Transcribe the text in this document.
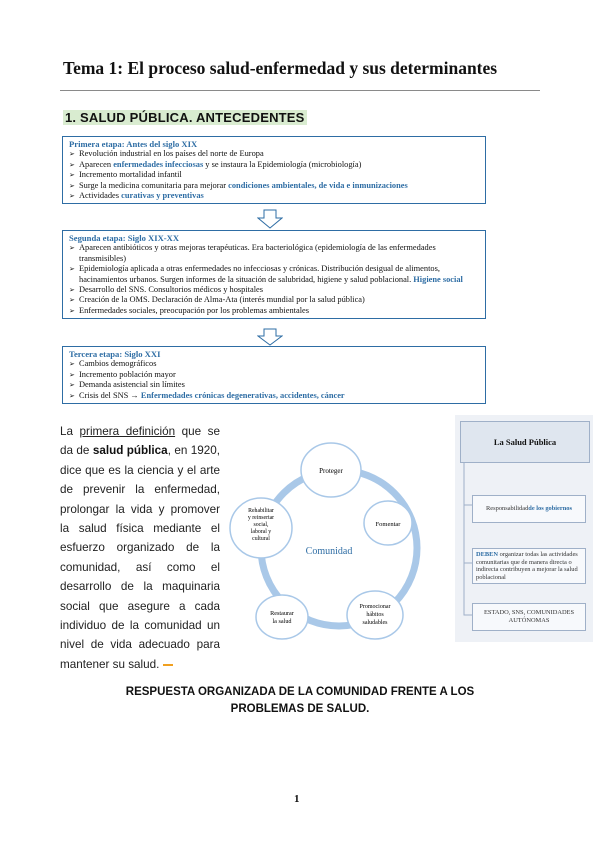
Tema 1: El proceso salud-enfermedad y sus determinantes
1. SALUD PÚBLICA. ANTECEDENTES
Primera etapa: Antes del siglo XIX
➢ Revolución industrial en los países del norte de Europa
➢ Aparecen enfermedades infecciosas y se instaura la Epidemiología (microbiología)
➢ Incremento mortalidad infantil
➢ Surge la medicina comunitaria para mejorar condiciones ambientales, de vida e inmunizaciones
➢ Actividades curativas y preventivas
Segunda etapa: Siglo XIX-XX
➢ Aparecen antibióticos y otras mejoras terapéuticas. Era bacteriológica (epidemiología de las enfermedades transmisibles)
➢ Epidemiología aplicada a otras enfermedades no infecciosas y crónicas. Distribución desigual de alimentos, hacinamientos urbanos. Surgen informes de la situación de salubridad, higiene y salud poblacional. Higiene social
➢ Desarrollo del SNS. Consultorios médicos y hospitales
➢ Creación de la OMS. Declaración de Alma-Ata (interés mundial por la salud pública)
➢ Enfermedades sociales, preocupación por los problemas ambientales
Tercera etapa: Siglo XXI
➢ Cambios demográficos
➢ Incremento población mayor
➢ Demanda asistencial sin límites
➢ Crisis del SNS → Enfermedades crónicas degenerativas, accidentes, cáncer
La primera definición que se da de salud pública, en 1920, dice que es la ciencia y el arte de prevenir la enfermedad, prolongar la vida y promover la salud física mediante el esfuerzo organizado de la comunidad, así como el desarrollo de la maquinaria social que asegure a cada individuo de la comunidad un nivel de vida adecuado para mantener su salud.
Comunidad
Proteger
Fomentar
Promocionar hábitos saludables
Restaurar la salud
Rehabilitar y reinsertar social, laboral y cultural
La Salud Pública
Responsabilidad de los gobiernos
DEBEN organizar todas las actividades comunitarias que de manera directa o indirecta contribuyen a mejorar la salud poblacional
ESTADO, SNS, COMUNIDADES AUTÓNOMAS
RESPUESTA ORGANIZADA DE LA COMUNIDAD FRENTE A LOS PROBLEMAS DE SALUD.
1
